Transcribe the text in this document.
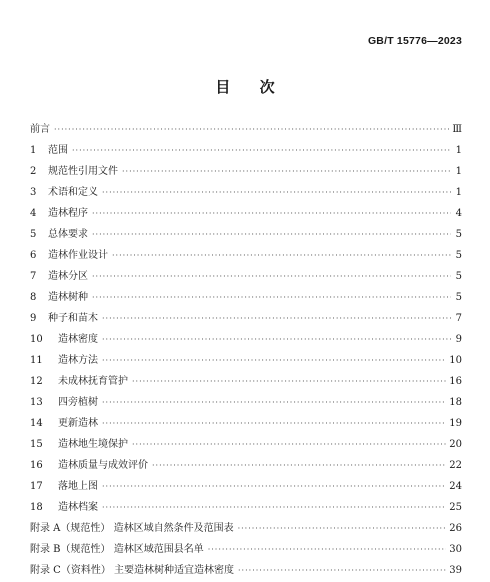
GB/T 15776—2023
目 次
前言 ·····	Ⅲ
1	范围 ·····	1
2	规范性引用文件 ·····	1
3	术语和定义 ·····	1
4	造林程序 ·····	4
5	总体要求 ·····	5
6	造林作业设计 ·····	5
7	造林分区 ·····	5
8	造林树种 ·····	5
9	种子和苗木 ·····	7
10	造林密度 ·····	9
11	造林方法 ·····	10
12	未成林抚育管护 ·····	16
13	四旁植树 ·····	18
14	更新造林 ·····	19
15	造林地生境保护 ·····	20
16	造林质量与成效评价 ·····	22
17	落地上图 ·····	24
18	造林档案 ·····	25
附录 A（规范性） 造林区域自然条件及范围表 ·····	26
附录 B（规范性） 造林区域范围县名单 ·····	30
附录 C（资料性） 主要造林树种适宜造林密度 ·····	39
